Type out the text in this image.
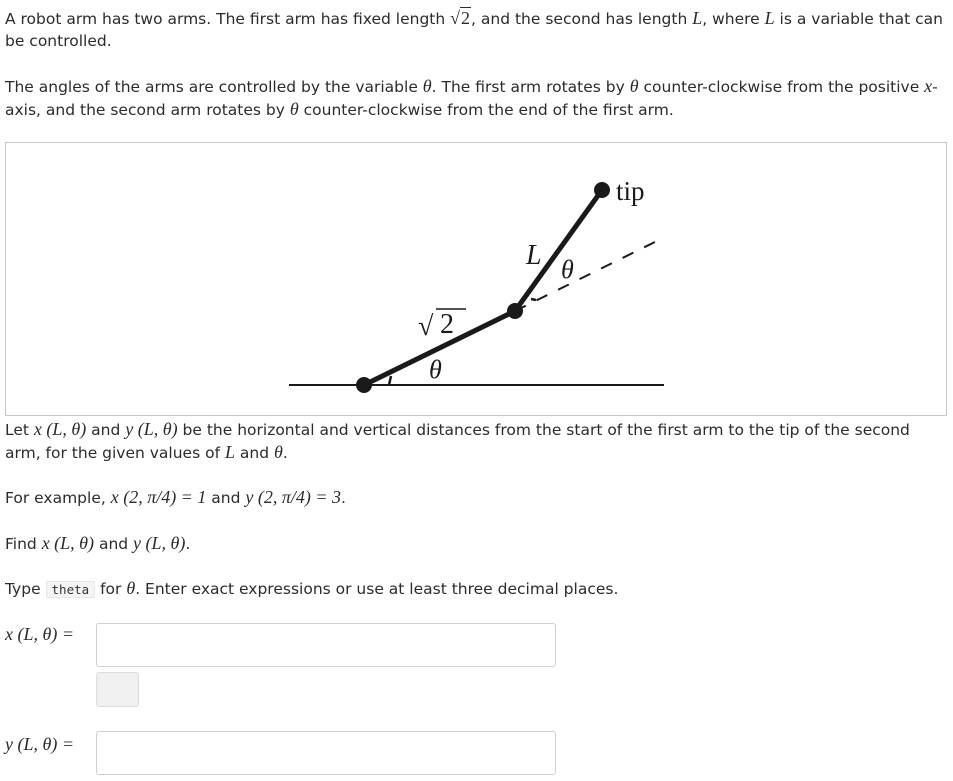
A robot arm has two arms. The first arm has fixed length √2, and the second has length L, where L is a variable that can be controlled.

The angles of the arms are controlled by the variable θ. The first arm rotates by θ counter-clockwise from the positive x-axis, and the second arm rotates by θ counter-clockwise from the end of the first arm.

tip
L θ
√ 2
θ

Let x (L, θ) and y (L, θ) be the horizontal and vertical distances from the start of the first arm to the tip of the second arm, for the given values of L and θ.

For example, x (2, π/4) = 1 and y (2, π/4) = 3.

Find x (L, θ) and y (L, θ).

Type theta for θ. Enter exact expressions or use at least three decimal places.

x (L, θ) =
y (L, θ) =
